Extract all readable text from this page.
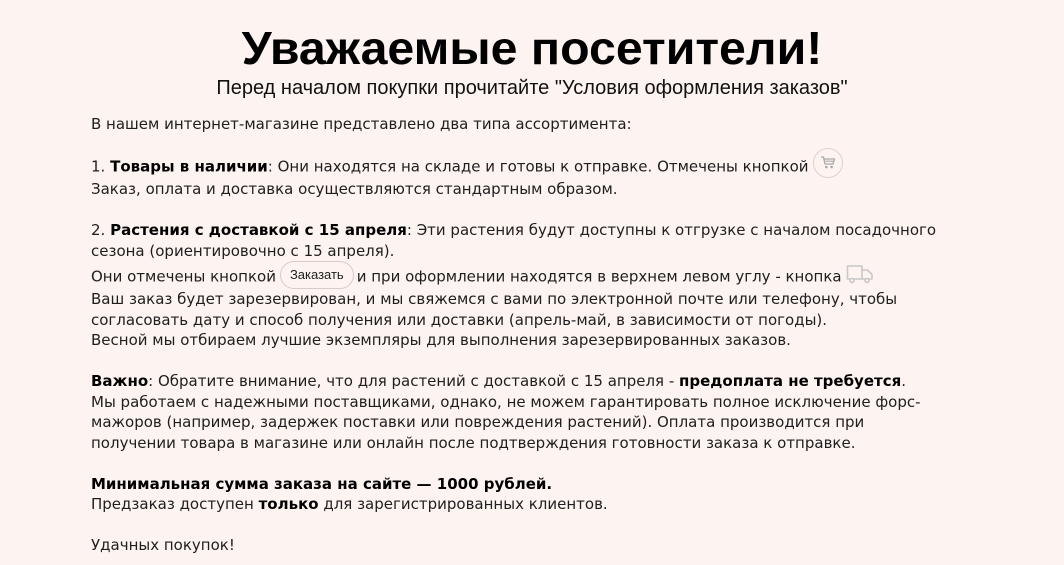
Уважаемые посетители!
Перед началом покупки прочитайте "Условия оформления заказов"

В нашем интернет-магазине представлено два типа ассортимента:

1. Товары в наличии: Они находятся на складе и готовы к отправке. Отмечены кнопкой

Заказ, оплата и доставка осуществляются стандартным образом.

2. Растения с доставкой с 15 апреля: Эти растения будут доступны к отгрузке с началом посадочного

сезона (ориентировочно с 15 апреля).

Они отмечены кнопкой Заказать и при оформлении находятся в верхнем левом углу - кнопка

Ваш заказ будет зарезервирован, и мы свяжемся с вами по электронной почте или телефону, чтобы

согласовать дату и способ получения или доставки (апрель-май, в зависимости от погоды).

Весной мы отбираем лучшие экземпляры для выполнения зарезервированных заказов.

Важно: Обратите внимание, что для растений с доставкой с 15 апреля - предоплата не требуется.

Мы работаем с надежными поставщиками, однако, не можем гарантировать полное исключение форс-

мажоров (например, задержек поставки или повреждения растений). Оплата производится при

получении товара в магазине или онлайн после подтверждения готовности заказа к отправке.

Минимальная сумма заказа на сайте — 1000 рублей.

Предзаказ доступен только для зарегистрированных клиентов.

Удачных покупок!
